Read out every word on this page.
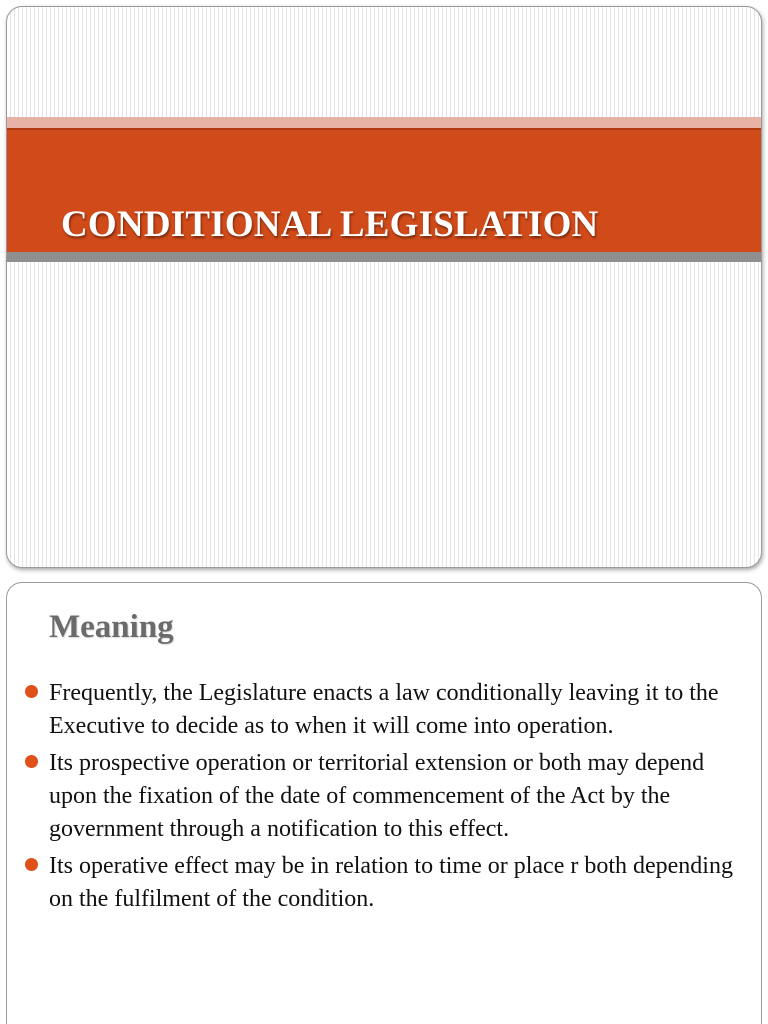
CONDITIONAL LEGISLATION
Meaning
Frequently, the Legislature enacts a law conditionally leaving it to the Executive to decide as to when it will come into operation.
Its prospective operation or territorial extension or both may depend upon the fixation of the date of commencement of the Act by the government through a notification to this effect.
Its operative effect may be in relation to time or place r both depending on the fulfilment of the condition.
